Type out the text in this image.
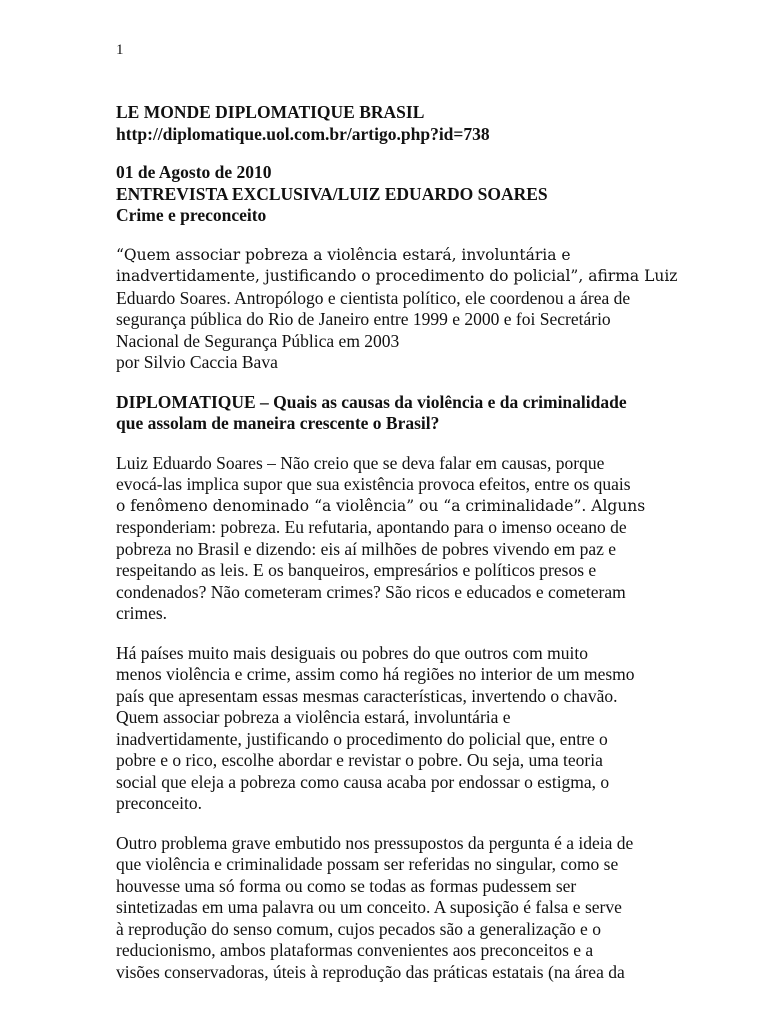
1

LE MONDE DIPLOMATIQUE BRASIL

http://diplomatique.uol.com.br/artigo.php?id=738

01 de Agosto de 2010

ENTREVISTA EXCLUSIVA/LUIZ EDUARDO SOARES

Crime e preconceito

“Quem associar pobreza a violência estará, involuntária e

inadvertidamente, justificando o procedimento do policial”, afirma Luiz

Eduardo Soares. Antropólogo e cientista político, ele coordenou a área de

segurança pública do Rio de Janeiro entre 1999 e 2000 e foi Secretário

Nacional de Segurança Pública em 2003

por Silvio Caccia Bava

DIPLOMATIQUE – Quais as causas da violência e da criminalidade

que assolam de maneira crescente o Brasil?

Luiz Eduardo Soares – Não creio que se deva falar em causas, porque

evocá-las implica supor que sua existência provoca efeitos, entre os quais

o fenômeno denominado “a violência” ou “a criminalidade”. Alguns

responderiam: pobreza. Eu refutaria, apontando para o imenso oceano de

pobreza no Brasil e dizendo: eis aí milhões de pobres vivendo em paz e

respeitando as leis. E os banqueiros, empresários e políticos presos e

condenados? Não cometeram crimes? São ricos e educados e cometeram

crimes.

Há países muito mais desiguais ou pobres do que outros com muito

menos violência e crime, assim como há regiões no interior de um mesmo

país que apresentam essas mesmas características, invertendo o chavão.

Quem associar pobreza a violência estará, involuntária e

inadvertidamente, justificando o procedimento do policial que, entre o

pobre e o rico, escolhe abordar e revistar o pobre. Ou seja, uma teoria

social que eleja a pobreza como causa acaba por endossar o estigma, o

preconceito.

Outro problema grave embutido nos pressupostos da pergunta é a ideia de

que violência e criminalidade possam ser referidas no singular, como se

houvesse uma só forma ou como se todas as formas pudessem ser

sintetizadas em uma palavra ou um conceito. A suposição é falsa e serve

à reprodução do senso comum, cujos pecados são a generalização e o

reducionismo, ambos plataformas convenientes aos preconceitos e a

visões conservadoras, úteis à reprodução das práticas estatais (na área da
